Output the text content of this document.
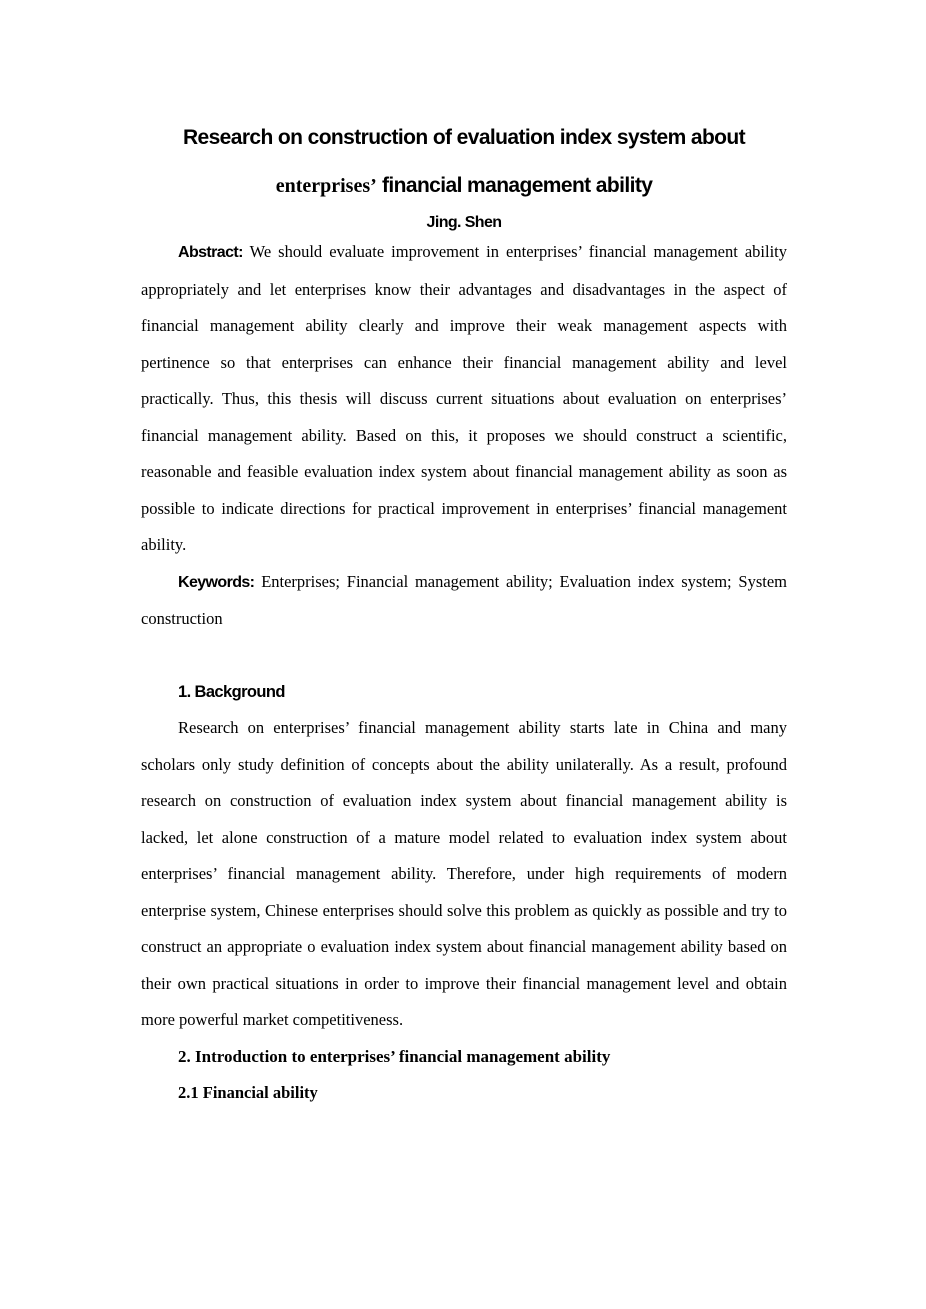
Research on construction of evaluation index system about
enterprises’ financial management ability
Jing. Shen

Abstract: We should evaluate improvement in enterprises’ financial management ability appropriately and let enterprises know their advantages and disadvantages in the aspect of financial management ability clearly and improve their weak management aspects with pertinence so that enterprises can enhance their financial management ability and level practically. Thus, this thesis will discuss current situations about evaluation on enterprises’ financial management ability. Based on this, it proposes we should construct a scientific, reasonable and feasible evaluation index system about financial management ability as soon as possible to indicate directions for practical improvement in enterprises’ financial management ability.

Keywords: Enterprises; Financial management ability; Evaluation index system; System construction

1. Background

Research on enterprises’ financial management ability starts late in China and many scholars only study definition of concepts about the ability unilaterally. As a result, profound research on construction of evaluation index system about financial management ability is lacked, let alone construction of a mature model related to evaluation index system about enterprises’ financial management ability. Therefore, under high requirements of modern enterprise system, Chinese enterprises should solve this problem as quickly as possible and try to construct an appropriate o evaluation index system about financial management ability based on their own practical situations in order to improve their financial management level and obtain more powerful market competitiveness.

2. Introduction to enterprises’ financial management ability
2.1 Financial ability
